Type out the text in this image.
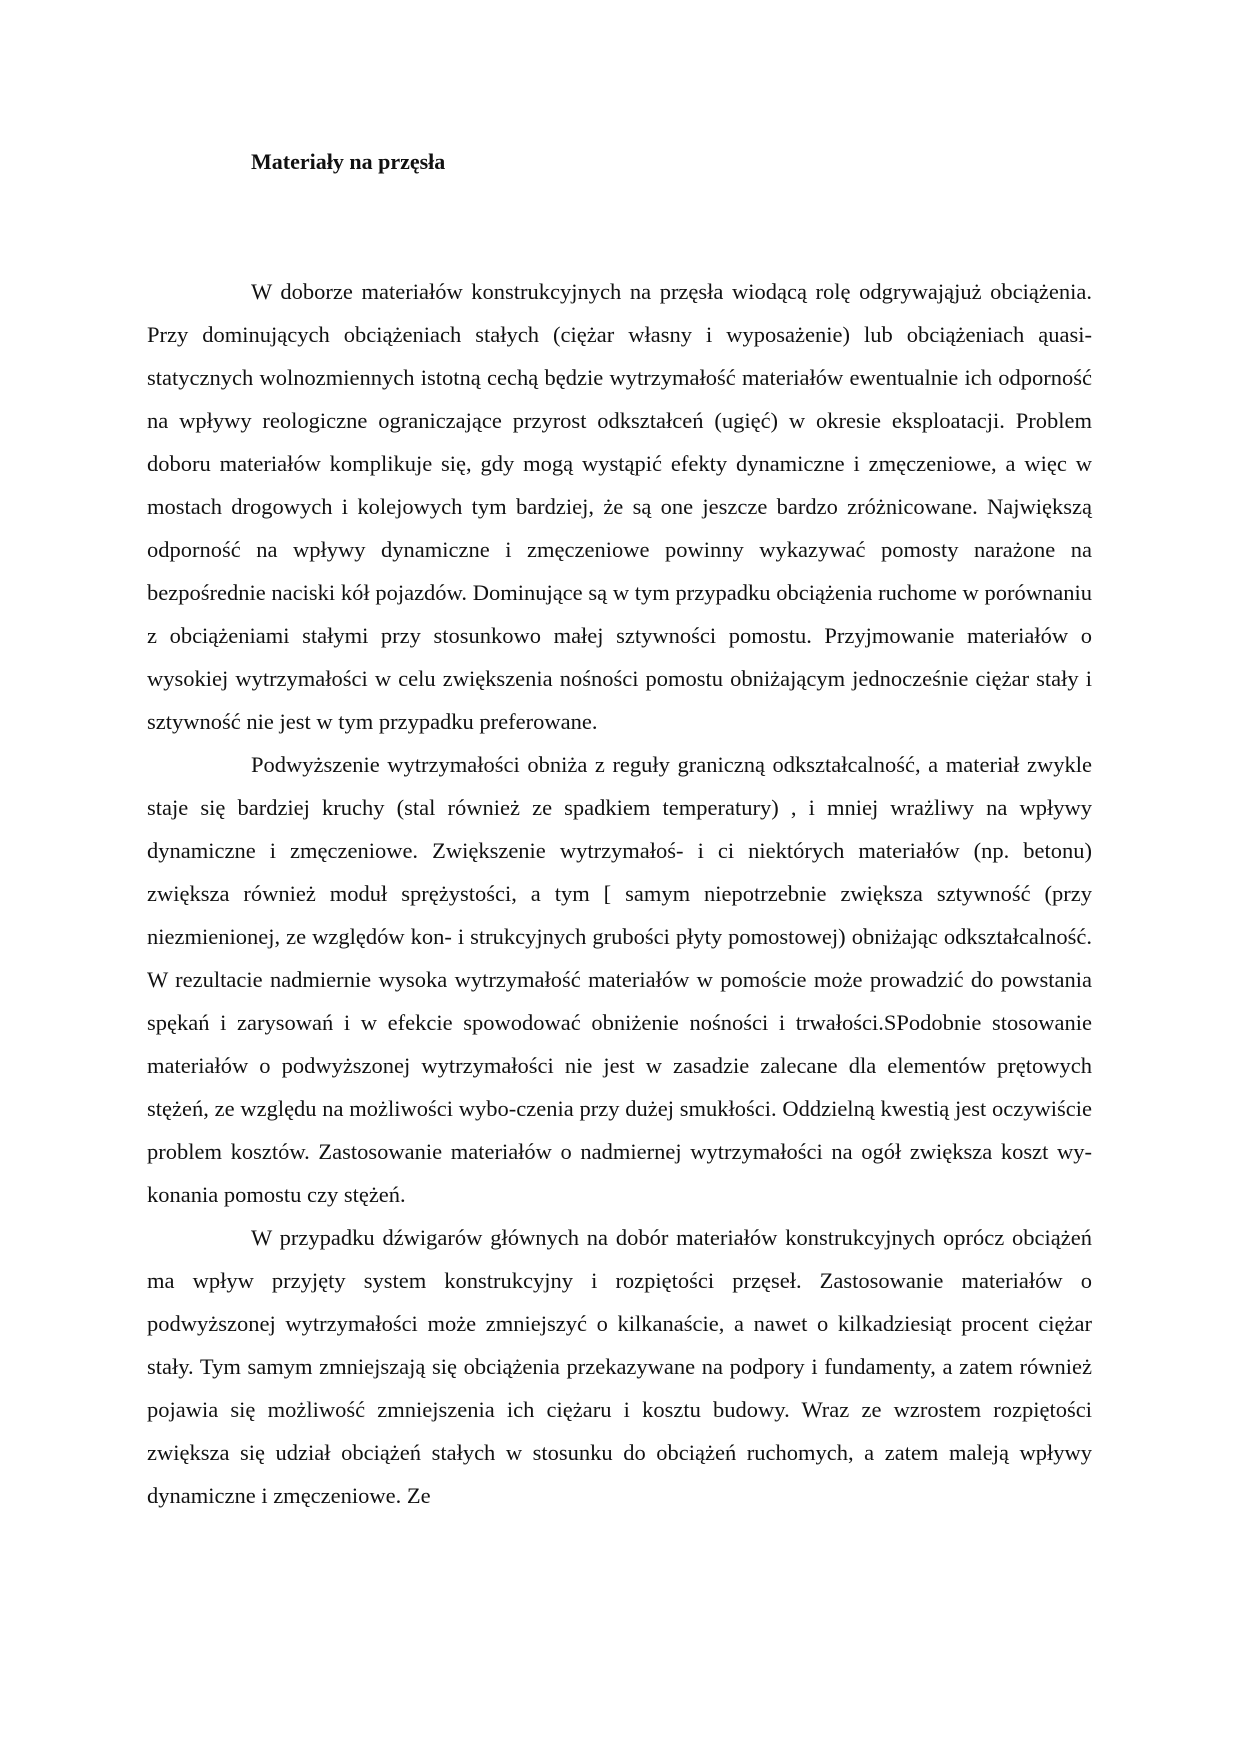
Materiały na przęsła

W doborze materiałów konstrukcyjnych na przęsła wiodącą rolę odgrywająjuż obciążenia. Przy dominujących obciążeniach stałych (ciężar własny i wyposażenie) lub obciążeniach ąuasi-statycznych wolnozmiennych istotną cechą będzie wytrzymałość materiałów ewentualnie ich odporność na wpływy reologiczne ograniczające przyrost odkształceń (ugięć) w okresie eksploatacji. Problem doboru materiałów komplikuje się, gdy mogą wystąpić efekty dynamiczne i zmęczeniowe, a więc w mostach drogowych i kolejowych tym bardziej, że są one jeszcze bardzo zróżnicowane. Największą odporność na wpływy dynamiczne i zmęczeniowe powinny wykazywać pomosty narażone na bezpośrednie naciski kół pojazdów. Dominujące są w tym przypadku obciążenia ruchome w porównaniu z obciążeniami stałymi przy stosunkowo małej sztywności pomostu. Przyjmowanie materiałów o wysokiej wytrzymałości w celu zwiększenia nośności pomostu obniżającym jednocześnie ciężar stały i sztywność nie jest w tym przypadku preferowane.

Podwyższenie wytrzymałości obniża z reguły graniczną odkształcalność, a materiał zwykle staje się bardziej kruchy (stal również ze spadkiem temperatury) , i mniej wrażliwy na wpływy dynamiczne i zmęczeniowe. Zwiększenie wytrzymałoś- i ci niektórych materiałów (np. betonu) zwiększa również moduł sprężystości, a tym [ samym niepotrzebnie zwiększa sztywność (przy niezmienionej, ze względów kon- i strukcyjnych grubości płyty pomostowej) obniżając odkształcalność. W rezultacie nadmiernie wysoka wytrzymałość materiałów w pomoście może prowadzić do powstania spękań i zarysowań i w efekcie spowodować obniżenie nośności i trwałości.SPodobnie stosowanie materiałów o podwyższonej wytrzymałości nie jest w zasadzie zalecane dla elementów prętowych stężeń, ze względu na możliwości wybo-czenia przy dużej smukłości. Oddzielną kwestią jest oczywiście problem kosztów. Zastosowanie materiałów o nadmiernej wytrzymałości na ogół zwiększa koszt wy-konania pomostu czy stężeń.

W przypadku dźwigarów głównych na dobór materiałów konstrukcyjnych oprócz obciążeń ma wpływ przyjęty system konstrukcyjny i rozpiętości przęseł. Zastosowanie materiałów o podwyższonej wytrzymałości może zmniejszyć o kilkanaście, a nawet o kilkadziesiąt procent ciężar stały. Tym samym zmniejszają się obciążenia przekazywane na podpory i fundamenty, a zatem również pojawia się możliwość zmniejszenia ich ciężaru i kosztu budowy. Wraz ze wzrostem rozpiętości zwiększa się udział obciążeń stałych w stosunku do obciążeń ruchomych, a zatem maleją wpływy dynamiczne i zmęczeniowe. Ze
